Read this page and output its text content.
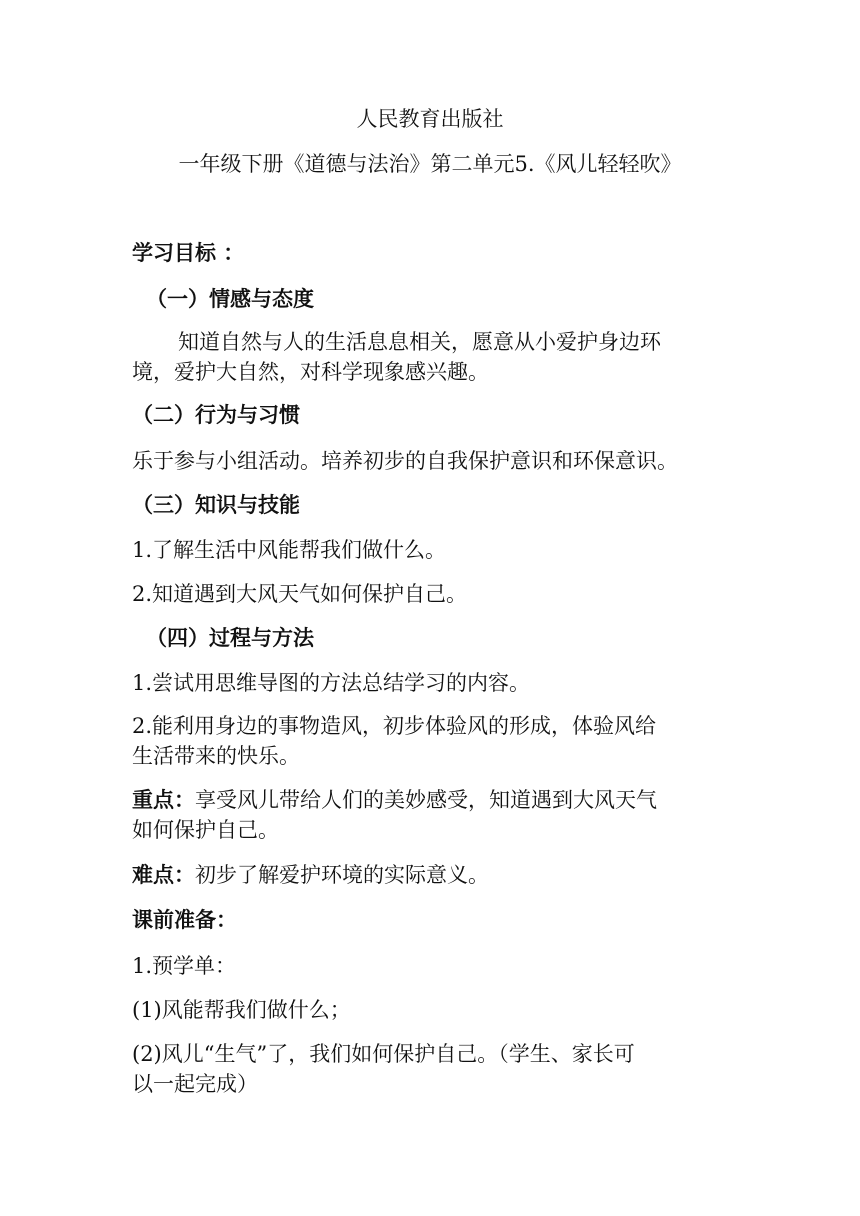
人民教育出版社
一年级下册《道德与法治》第二单元5.《风儿轻轻吹》
学习目标 ：
（一）情感与态度
知道自然与人的生活息息相关，愿意从小爱护身边环
境，爱护大自然，对科学现象感兴趣。
（二）行为与习惯
乐于参与小组活动。培养初步的自我保护意识和环保意识。
（三）知识与技能
1.了解生活中风能帮我们做什么。
2.知道遇到大风天气如何保护自己。
（四）过程与方法
1.尝试用思维导图的方法总结学习的内容。
2.能利用身边的事物造风，初步体验风的形成，体验风给
生活带来的快乐。
重点：享受风儿带给人们的美妙感受，知道遇到大风天气
如何保护自己。
难点：初步了解爱护环境的实际意义。
课前准备：
1.预学单：
(1)风能帮我们做什么；
(2)风儿“生气”了，我们如何保护自己。（学生、家长可
以一起完成）
